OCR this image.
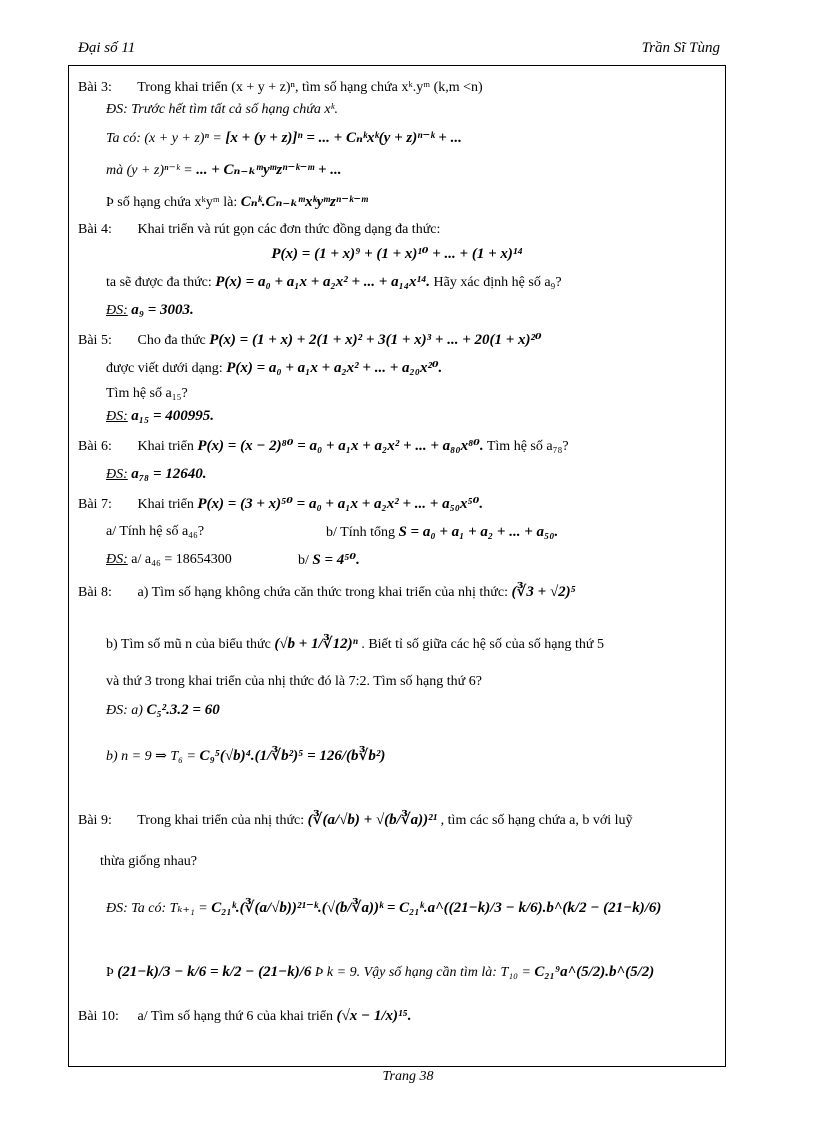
Đại số 11	Trần Sĩ Tùng
Bài 3: Trong khai triển (x + y + z)ⁿ, tìm số hạng chứa xᵏ.yᵐ (k,m <n)
ĐS: Trước hết tìm tất cả số hạng chứa xᵏ.
Ta có: (x + y + z)ⁿ = [x + (y + z)]ⁿ = ... + Cₙᵏxᵏ(y + z)ⁿ⁻ᵏ + ...
mà (y + z)ⁿ⁻ᵏ = ... + Cₙ₋ₖᵐyᵐzⁿ⁻ᵏ⁻ᵐ + ...
Þ số hạng chứa xᵏyᵐ là: Cₙᵏ.Cₙ₋ₖᵐxᵏyᵐzⁿ⁻ᵏ⁻ᵐ
Bài 4: Khai triển và rút gọn các đơn thức đồng dạng đa thức:
P(x) = (1 + x)⁹ + (1 + x)¹⁰ + ... + (1 + x)¹⁴
ta sẽ được đa thức: P(x) = a₀ + a₁x + a₂x² + ... + a₁₄x¹⁴. Hãy xác định hệ số a₉?
ĐS: a₉ = 3003.
Bài 5: Cho đa thức P(x) = (1 + x) + 2(1 + x)² + 3(1 + x)³ + ... + 20(1 + x)²⁰
được viết dưới dạng: P(x) = a₀ + a₁x + a₂x² + ... + a₂₀x²⁰.
Tìm hệ số a₁₅?
ĐS: a₁₅ = 400995.
Bài 6: Khai triển P(x) = (x − 2)⁸⁰ = a₀ + a₁x + a₂x² + ... + a₈₀x⁸⁰. Tìm hệ số a₇₈?
ĐS: a₇₈ = 12640.
Bài 7: Khai triển P(x) = (3 + x)⁵⁰ = a₀ + a₁x + a₂x² + ... + a₅₀x⁵⁰.
a/ Tính hệ số a₄₆?	b/ Tính tổng S = a₀ + a₁ + a₂ + ... + a₅₀.
ĐS: a/ a₄₆ = 18654300	b/ S = 4⁵⁰.
Bài 8: a) Tìm số hạng không chứa căn thức trong khai triển của nhị thức: (∛3 + √2)⁵
b) Tìm số mũ n của biểu thức (√b + 1/∛12)ⁿ . Biết tỉ số giữa các hệ số của số hạng thứ 5
và thứ 3 trong khai triển của nhị thức đó là 7:2. Tìm số hạng thứ 6?
ĐS: a) C₅².3.2 = 60
b) n = 9 ⇒ T₆ = C₉⁵(√b)⁴.(1/∛b²)⁵ = 126/(b∛b²)
Bài 9: Trong khai triển của nhị thức: (∛(a/√b) + √(b/∛a))²¹ , tìm các số hạng chứa a, b với luỹ
thừa giống nhau?
ĐS: Ta có: Tₖ₊₁ = C₂₁ᵏ.(∛(a/√b))²¹⁻ᵏ.(√(b/∛a))ᵏ = C₂₁ᵏ.a^((21−k)/3 − k/6).b^(k/2 − (21−k)/6)
Þ (21−k)/3 − k/6 = k/2 − (21−k)/6 Þ k = 9. Vậy số hạng cần tìm là: T₁₀ = C₂₁⁹a^(5/2).b^(5/2)
Bài 10: a/ Tìm số hạng thứ 6 của khai triển (√x − 1/x)¹⁵.
Trang 38
